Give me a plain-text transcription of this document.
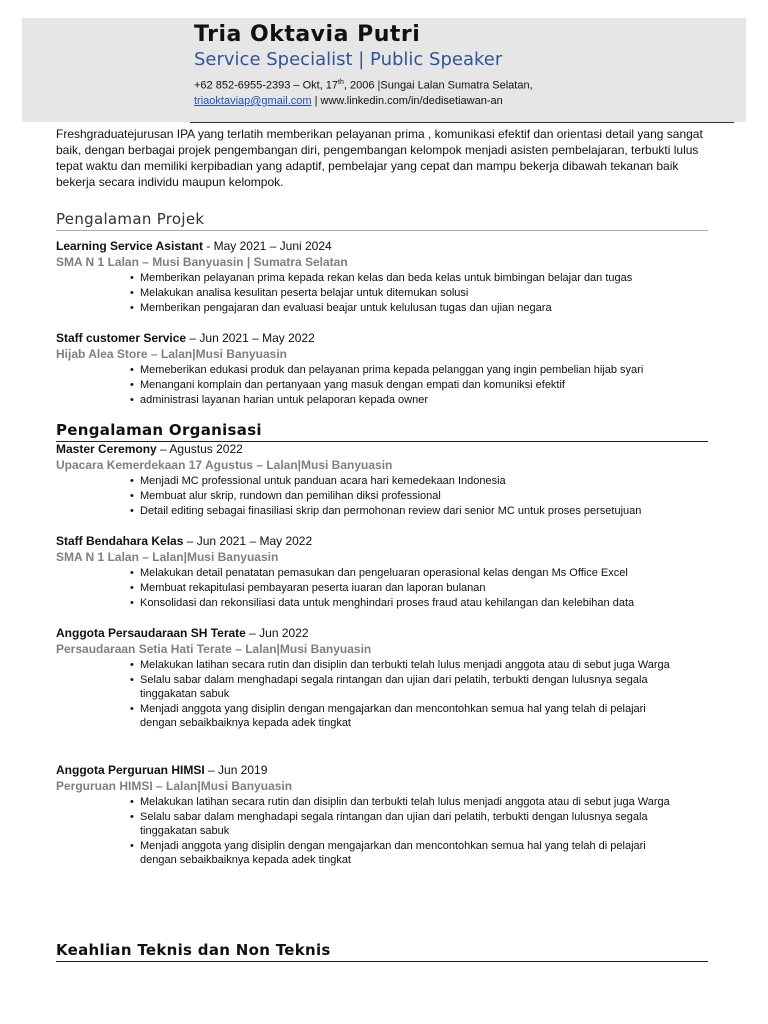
Tria Oktavia Putri
Service Specialist | Public Speaker
+62 852-6955-2393 – Okt, 17th, 2006 |Sungai Lalan Sumatra Selatan,
triaoktaviap@gmail.com | www.linkedin.com/in/dedisetiawan-an
Freshgraduatejurusan IPA yang terlatih memberikan pelayanan prima , komunikasi efektif dan orientasi detail yang sangat baik, dengan berbagai projek pengembangan diri, pengembangan kelompok menjadi asisten pembelajaran, terbukti lulus tepat waktu dan memiliki kerpibadian yang adaptif, pembelajar yang cepat dan mampu bekerja dibawah tekanan baik bekerja secara individu maupun kelompok.
Pengalaman Projek
Learning Service Asistant - May 2021 – Juni 2024
SMA N 1 Lalan – Musi Banyuasin | Sumatra Selatan
• Memberikan pelayanan prima kepada rekan kelas dan beda kelas untuk bimbingan belajar dan tugas
• Melakukan analisa kesulitan peserta belajar untuk ditemukan solusi
• Memberikan pengajaran dan evaluasi beajar untuk kelulusan tugas dan ujian negara
Staff customer Service – Jun 2021 – May 2022
Hijab Alea Store – Lalan|Musi Banyuasin
• Memeberikan edukasi produk dan pelayanan prima kepada pelanggan yang ingin pembelian hijab syari
• Menangani komplain dan pertanyaan yang masuk dengan empati dan komuniksi efektif
• administrasi layanan harian untuk pelaporan kepada owner
Pengalaman Organisasi
Master Ceremony – Agustus 2022
Upacara Kemerdekaan 17 Agustus – Lalan|Musi Banyuasin
• Menjadi MC professional untuk panduan acara hari kemedekaan Indonesia
• Membuat alur skrip, rundown dan pemilihan diksi professional
• Detail editing sebagai finasiliasi skrip dan permohonan review dari senior MC untuk proses persetujuan
Staff Bendahara Kelas – Jun 2021 – May 2022
SMA N 1 Lalan – Lalan|Musi Banyuasin
• Melakukan detail penatatan pemasukan dan pengeluaran operasional kelas dengan Ms Office Excel
• Membuat rekapitulasi pembayaran peserta iuaran dan laporan bulanan
• Konsolidasi dan rekonsiliasi data untuk menghindari proses fraud atau kehilangan dan kelebihan data
Anggota Persaudaraan SH Terate – Jun 2022
Persaudaraan Setia Hati Terate – Lalan|Musi Banyuasin
• Melakukan latihan secara rutin dan disiplin dan terbukti telah lulus menjadi anggota atau di sebut juga Warga
• Selalu sabar dalam menghadapi segala rintangan dan ujian dari pelatih, terbukti dengan lulusnya segala tinggakatan sabuk
• Menjadi anggota yang disiplin dengan mengajarkan dan mencontohkan semua hal yang telah di pelajari dengan sebaikbaiknya kepada adek tingkat
Anggota Perguruan HIMSI – Jun 2019
Perguruan HIMSI – Lalan|Musi Banyuasin
• Melakukan latihan secara rutin dan disiplin dan terbukti telah lulus menjadi anggota atau di sebut juga Warga
• Selalu sabar dalam menghadapi segala rintangan dan ujian dari pelatih, terbukti dengan lulusnya segala tinggakatan sabuk
• Menjadi anggota yang disiplin dengan mengajarkan dan mencontohkan semua hal yang telah di pelajari dengan sebaikbaiknya kepada adek tingkat
Keahlian Teknis dan Non Teknis
